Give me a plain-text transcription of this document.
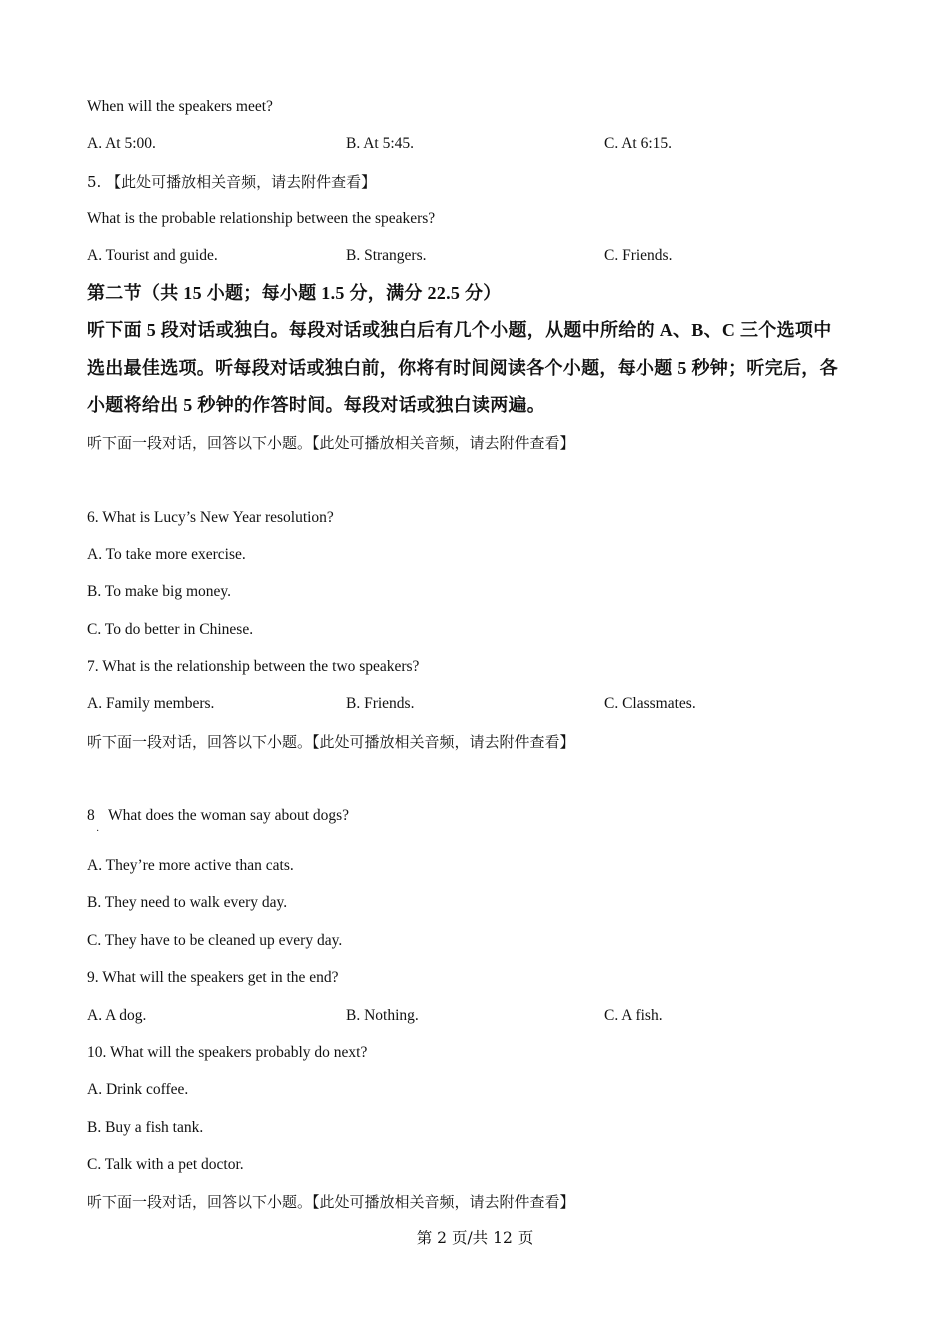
When will the speakers meet?
A. At 5:00.	B. At 5:45.	C. At 6:15.
5. 【此处可播放相关音频，请去附件查看】
What is the probable relationship between the speakers?
A. Tourist and guide.	B. Strangers.	C. Friends.
第二节（共 15 小题；每小题 1.5 分，满分 22.5 分）
听下面 5 段对话或独白。每段对话或独白后有几个小题，从题中所给的 A、B、C 三个选项中
选出最佳选项。听每段对话或独白前，你将有时间阅读各个小题，每小题 5 秒钟；听完后，各
小题将给出 5 秒钟的作答时间。每段对话或独白读两遍。
听下面一段对话，回答以下小题。【此处可播放相关音频，请去附件查看】
6. What is Lucy’s New Year resolution?
A. To take more exercise.
B. To make big money.
C. To do better in Chinese.
7. What is the relationship between the two speakers?
A. Family members.	B. Friends.	C. Classmates.
听下面一段对话，回答以下小题。【此处可播放相关音频，请去附件查看】
8
·
What does the woman say about dogs?
A. They’re more active than cats.
B. They need to walk every day.
C. They have to be cleaned up every day.
9. What will the speakers get in the end?
A. A dog.	B. Nothing.	C. A fish.
10. What will the speakers probably do next?
A. Drink coffee.
B. Buy a fish tank.
C. Talk with a pet doctor.
听下面一段对话，回答以下小题。【此处可播放相关音频，请去附件查看】
第 2 页/共 12 页
